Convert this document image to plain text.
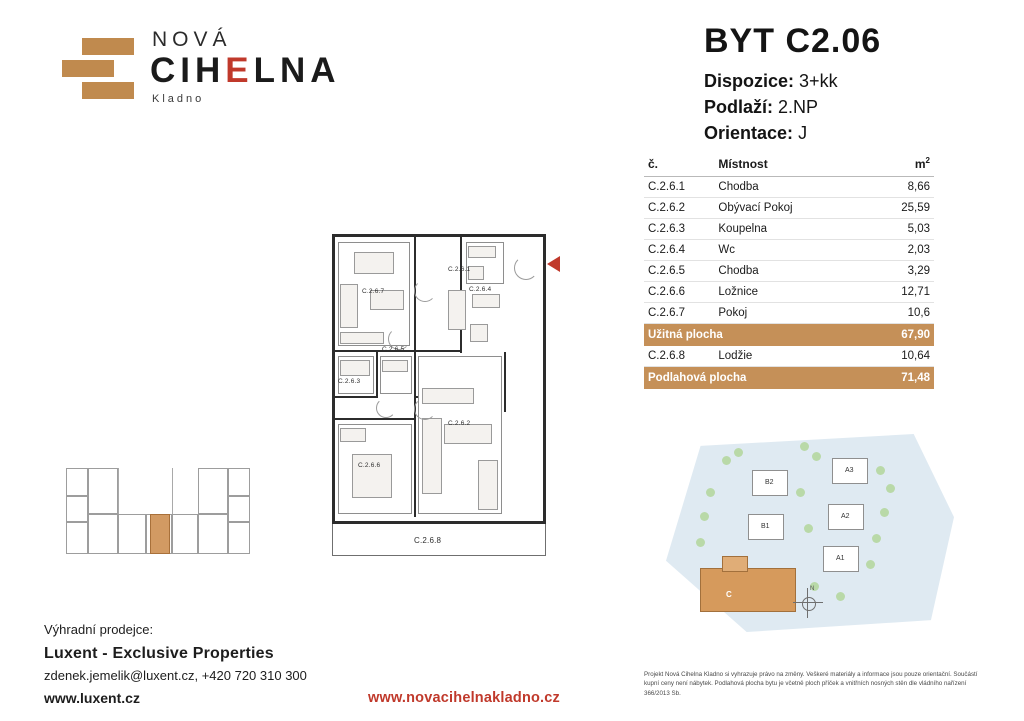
NOVÁ
CIHELNA
Kladno
BYT C2.06

Dispozice: 3+kk

Podlaží: 2.NP

Orientace: J

č.	Místnost	$m^2$
C.2.6.1	Chodba	8,66
C.2.6.2	Obývací Pokoj	25,59
C.2.6.3	Koupelna	5,03
C.2.6.4	Wc	2,03
C.2.6.5	Chodba	3,29
C.2.6.6	Ložnice	12,71
C.2.6.7	Pokoj	10,6
Užitná plocha		67,90
C.2.6.8	Lodžie	10,64
Podlahová plocha		71,48
C.2.6.7
C.2.6.1
C.2.6.4
C.2.6.5
C.2.6.3
C.2.6.2
C.2.6.6
C.2.6.8
B2
A3
B1
A2
A1
C
N
Výhradní prodejce:
Luxent - Exclusive Properties
zdenek.jemelik@luxent.cz, +420 720 310 300
www.luxent.cz	www.novacihelnakladno.cz
Projekt Nová Cihelna Kladno si vyhrazuje právo na změny. Veškeré materiály a informace jsou pouze orientační. Součástí kupní ceny není nábytek. Podlahová plocha bytu je včetně ploch příček a vnitřních nosných stěn dle vládního nařízení 366/2013 Sb.
